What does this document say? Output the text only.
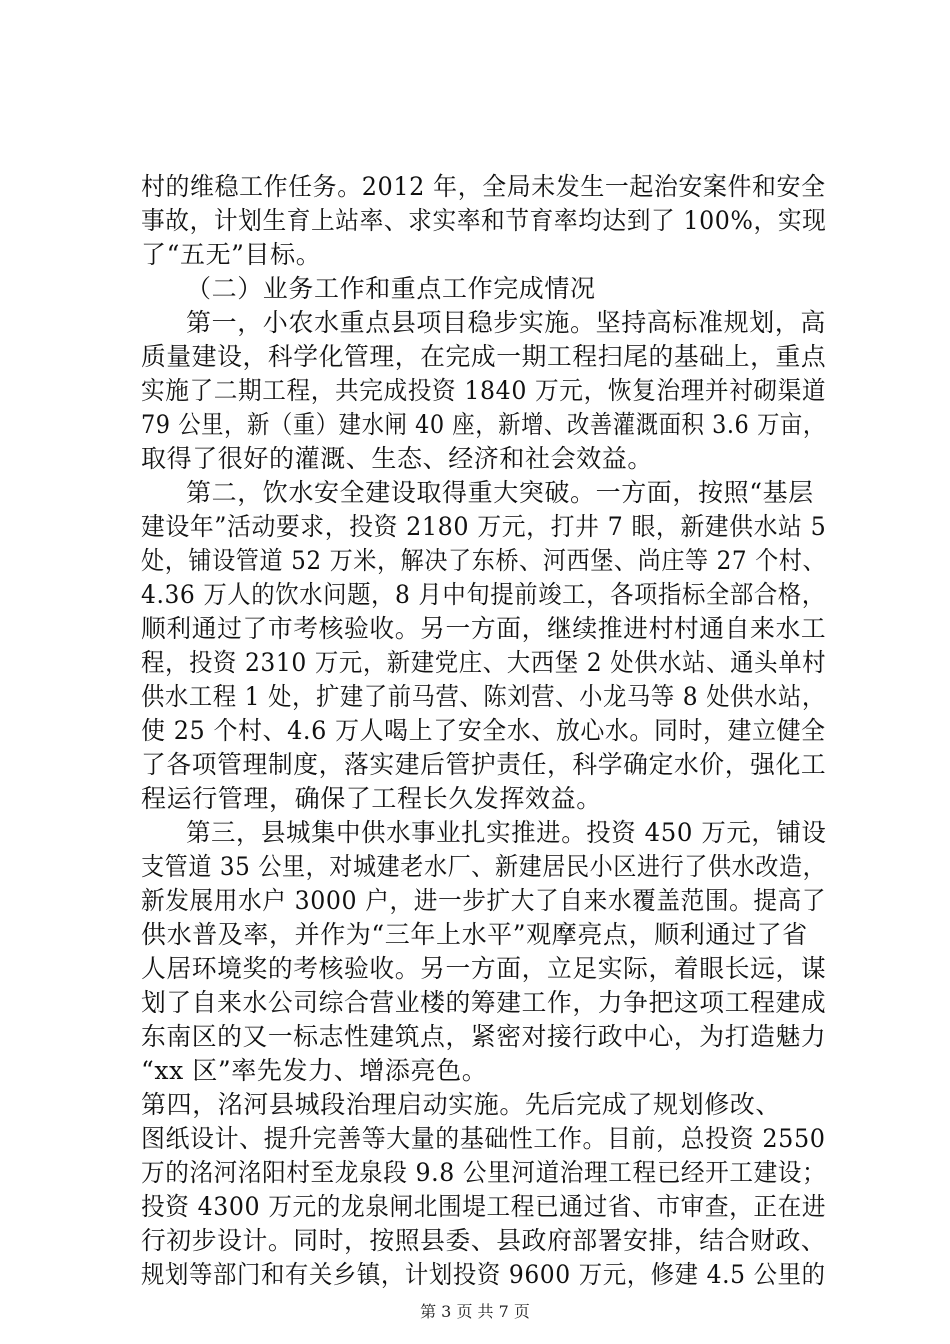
村的维稳工作任务。2012 年，全局未发生一起治安案件和安全
事故，计划生育上站率、求实率和节育率均达到了 100%，实现
了“五无”目标。
（二）业务工作和重点工作完成情况
第一，小农水重点县项目稳步实施。坚持高标准规划，高
质量建设，科学化管理，在完成一期工程扫尾的基础上，重点
实施了二期工程，共完成投资 1840 万元，恢复治理并衬砌渠道
79 公里，新（重）建水闸 40 座，新增、改善灌溉面积 3.6 万亩，
取得了很好的灌溉、生态、经济和社会效益。
第二，饮水安全建设取得重大突破。一方面，按照“基层
建设年”活动要求，投资 2180 万元，打井 7 眼，新建供水站 5
处，铺设管道 52 万米，解决了东桥、河西堡、尚庄等 27 个村、
4.36 万人的饮水问题，8 月中旬提前竣工，各项指标全部合格，
顺利通过了市考核验收。另一方面，继续推进村村通自来水工
程，投资 2310 万元，新建党庄、大西堡 2 处供水站、通头单村
供水工程 1 处，扩建了前马营、陈刘营、小龙马等 8 处供水站，
使 25 个村、4.6 万人喝上了安全水、放心水。同时，建立健全
了各项管理制度，落实建后管护责任，科学确定水价，强化工
程运行管理，确保了工程长久发挥效益。
第三，县城集中供水事业扎实推进。投资 450 万元，铺设
支管道 35 公里，对城建老水厂、新建居民小区进行了供水改造，
新发展用水户 3000 户，进一步扩大了自来水覆盖范围。提高了
供水普及率，并作为“三年上水平”观摩亮点，顺利通过了省
人居环境奖的考核验收。另一方面，立足实际，着眼长远，谋
划了自来水公司综合营业楼的筹建工作，力争把这项工程建成
东南区的又一标志性建筑点，紧密对接行政中心，为打造魅力
“xx 区”率先发力、增添亮色。
第四，洺河县城段治理启动实施。先后完成了规划修改、
图纸设计、提升完善等大量的基础性工作。目前，总投资 2550
万的洺河洺阳村至龙泉段 9.8 公里河道治理工程已经开工建设；
投资 4300 万元的龙泉闸北围堤工程已通过省、市审查，正在进
行初步设计。同时，按照县委、县政府部署安排，结合财政、
规划等部门和有关乡镇，计划投资 9600 万元，修建 4.5 公里的
第 3 页 共 7 页
